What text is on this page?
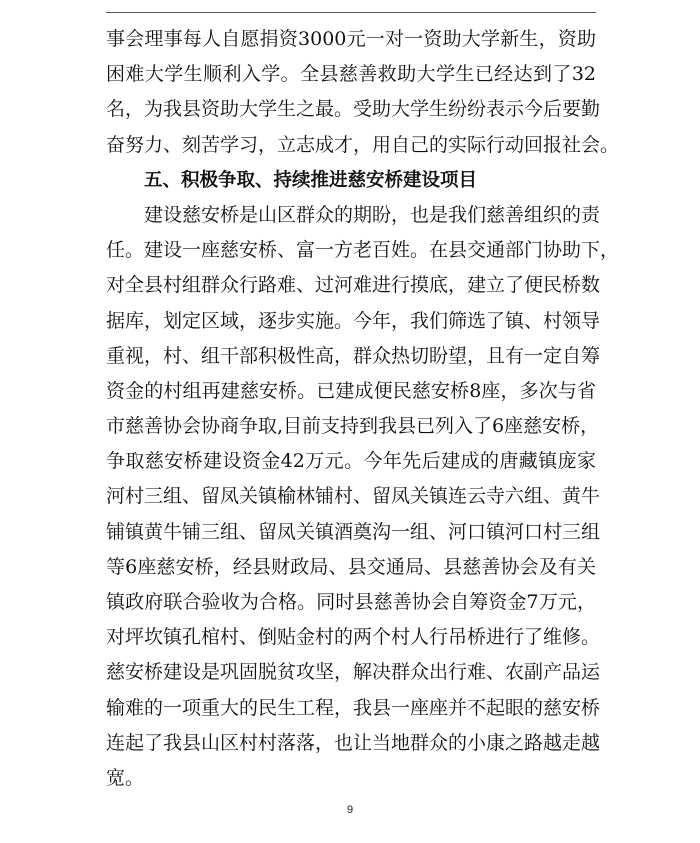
事会理事每人自愿捐资3000元一对一资助大学新生，资助
困难大学生顺利入学。全县慈善救助大学生已经达到了32
名，为我县资助大学生之最。受助大学生纷纷表示今后要勤
奋努力、刻苦学习，立志成才，用自己的实际行动回报社会。
五、积极争取、持续推进慈安桥建设项目
建设慈安桥是山区群众的期盼，也是我们慈善组织的责
任。建设一座慈安桥、富一方老百姓。在县交通部门协助下，
对全县村组群众行路难、过河难进行摸底，建立了便民桥数
据库，划定区域，逐步实施。今年，我们筛选了镇、村领导
重视，村、组干部积极性高，群众热切盼望，且有一定自筹
资金的村组再建慈安桥。已建成便民慈安桥8座，多次与省
市慈善协会协商争取,目前支持到我县已列入了6座慈安桥，
争取慈安桥建设资金42万元。今年先后建成的唐藏镇庞家
河村三组、留凤关镇榆林铺村、留凤关镇连云寺六组、黄牛
铺镇黄牛铺三组、留凤关镇酒奠沟一组、河口镇河口村三组
等6座慈安桥，经县财政局、县交通局、县慈善协会及有关
镇政府联合验收为合格。同时县慈善协会自筹资金7万元，
对坪坎镇孔棺村、倒贴金村的两个村人行吊桥进行了维修。
慈安桥建设是巩固脱贫攻坚，解决群众出行难、农副产品运
输难的一项重大的民生工程，我县一座座并不起眼的慈安桥
连起了我县山区村村落落，也让当地群众的小康之路越走越
宽。
9
